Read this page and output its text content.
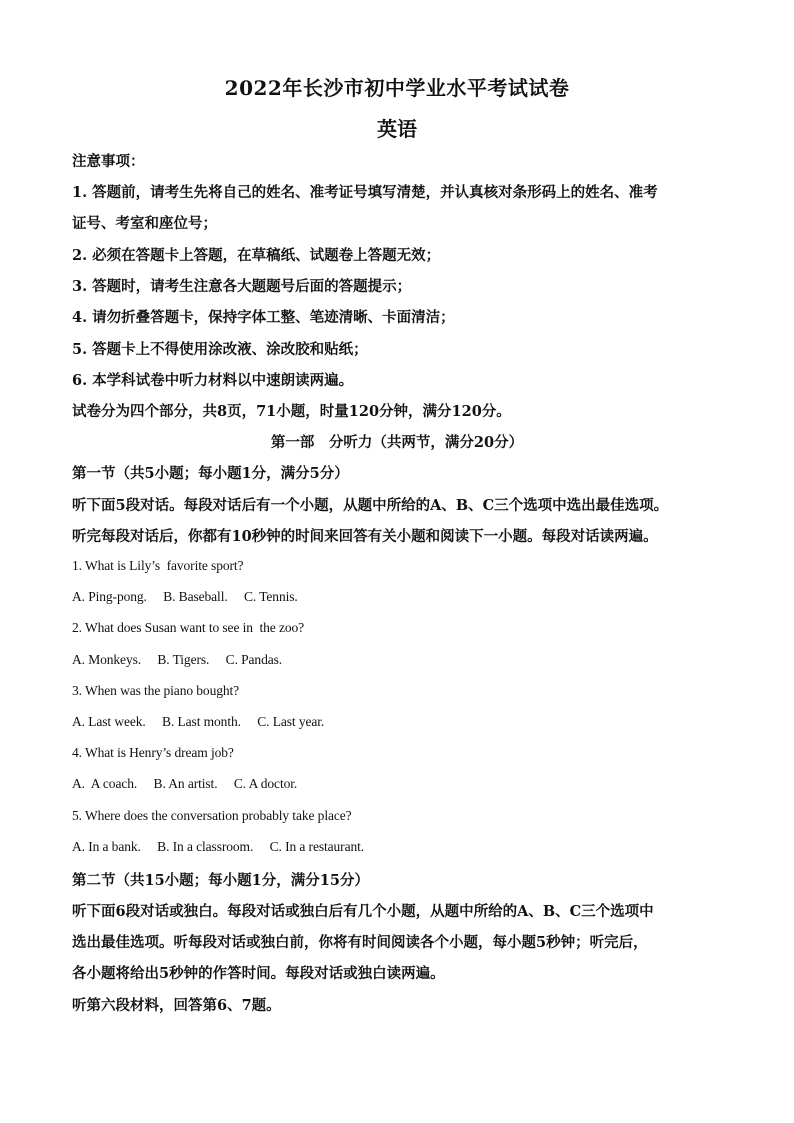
2022年长沙市初中学业水平考试试卷
英语
注意事项：
1. 答题前，请考生先将自己的姓名、准考证号填写清楚，并认真核对条形码上的姓名、准考
证号、考室和座位号；
2. 必须在答题卡上答题，在草稿纸、试题卷上答题无效；
3. 答题时，请考生注意各大题题号后面的答题提示；
4. 请勿折叠答题卡，保持字体工整、笔迹清晰、卡面清洁；
5. 答题卡上不得使用涂改液、涂改胶和贴纸；
6. 本学科试卷中听力材料以中速朗读两遍。
试卷分为四个部分，共8页，71小题，时量120分钟，满分120分。
第一部　分听力（共两节，满分20分）
第一节（共5小题；每小题1分，满分5分）
听下面5段对话。每段对话后有一个小题，从题中所给的A、B、C三个选项中选出最佳选项。
听完每段对话后，你都有10秒钟的时间来回答有关小题和阅读下一小题。每段对话读两遍。
1. What is Lily’s  favorite sport?
A. Ping-pong.     B. Baseball.     C. Tennis.
2. What does Susan want to see in  the zoo?
A. Monkeys.     B. Tigers.     C. Pandas.
3. When was the piano bought?
A. Last week.     B. Last month.     C. Last year.
4. What is Henry’s dream job?
A.  A coach.     B. An artist.     C. A doctor.
5. Where does the conversation probably take place?
A. In a bank.     B. In a classroom.     C. In a restaurant.
第二节（共15小题；每小题1分，满分15分）
听下面6段对话或独白。每段对话或独白后有几个小题，从题中所给的A、B、C三个选项中
选出最佳选项。听每段对话或独白前，你将有时间阅读各个小题，每小题5秒钟；听完后，
各小题将给出5秒钟的作答时间。每段对话或独白读两遍。
听第六段材料，回答第6、7题。
